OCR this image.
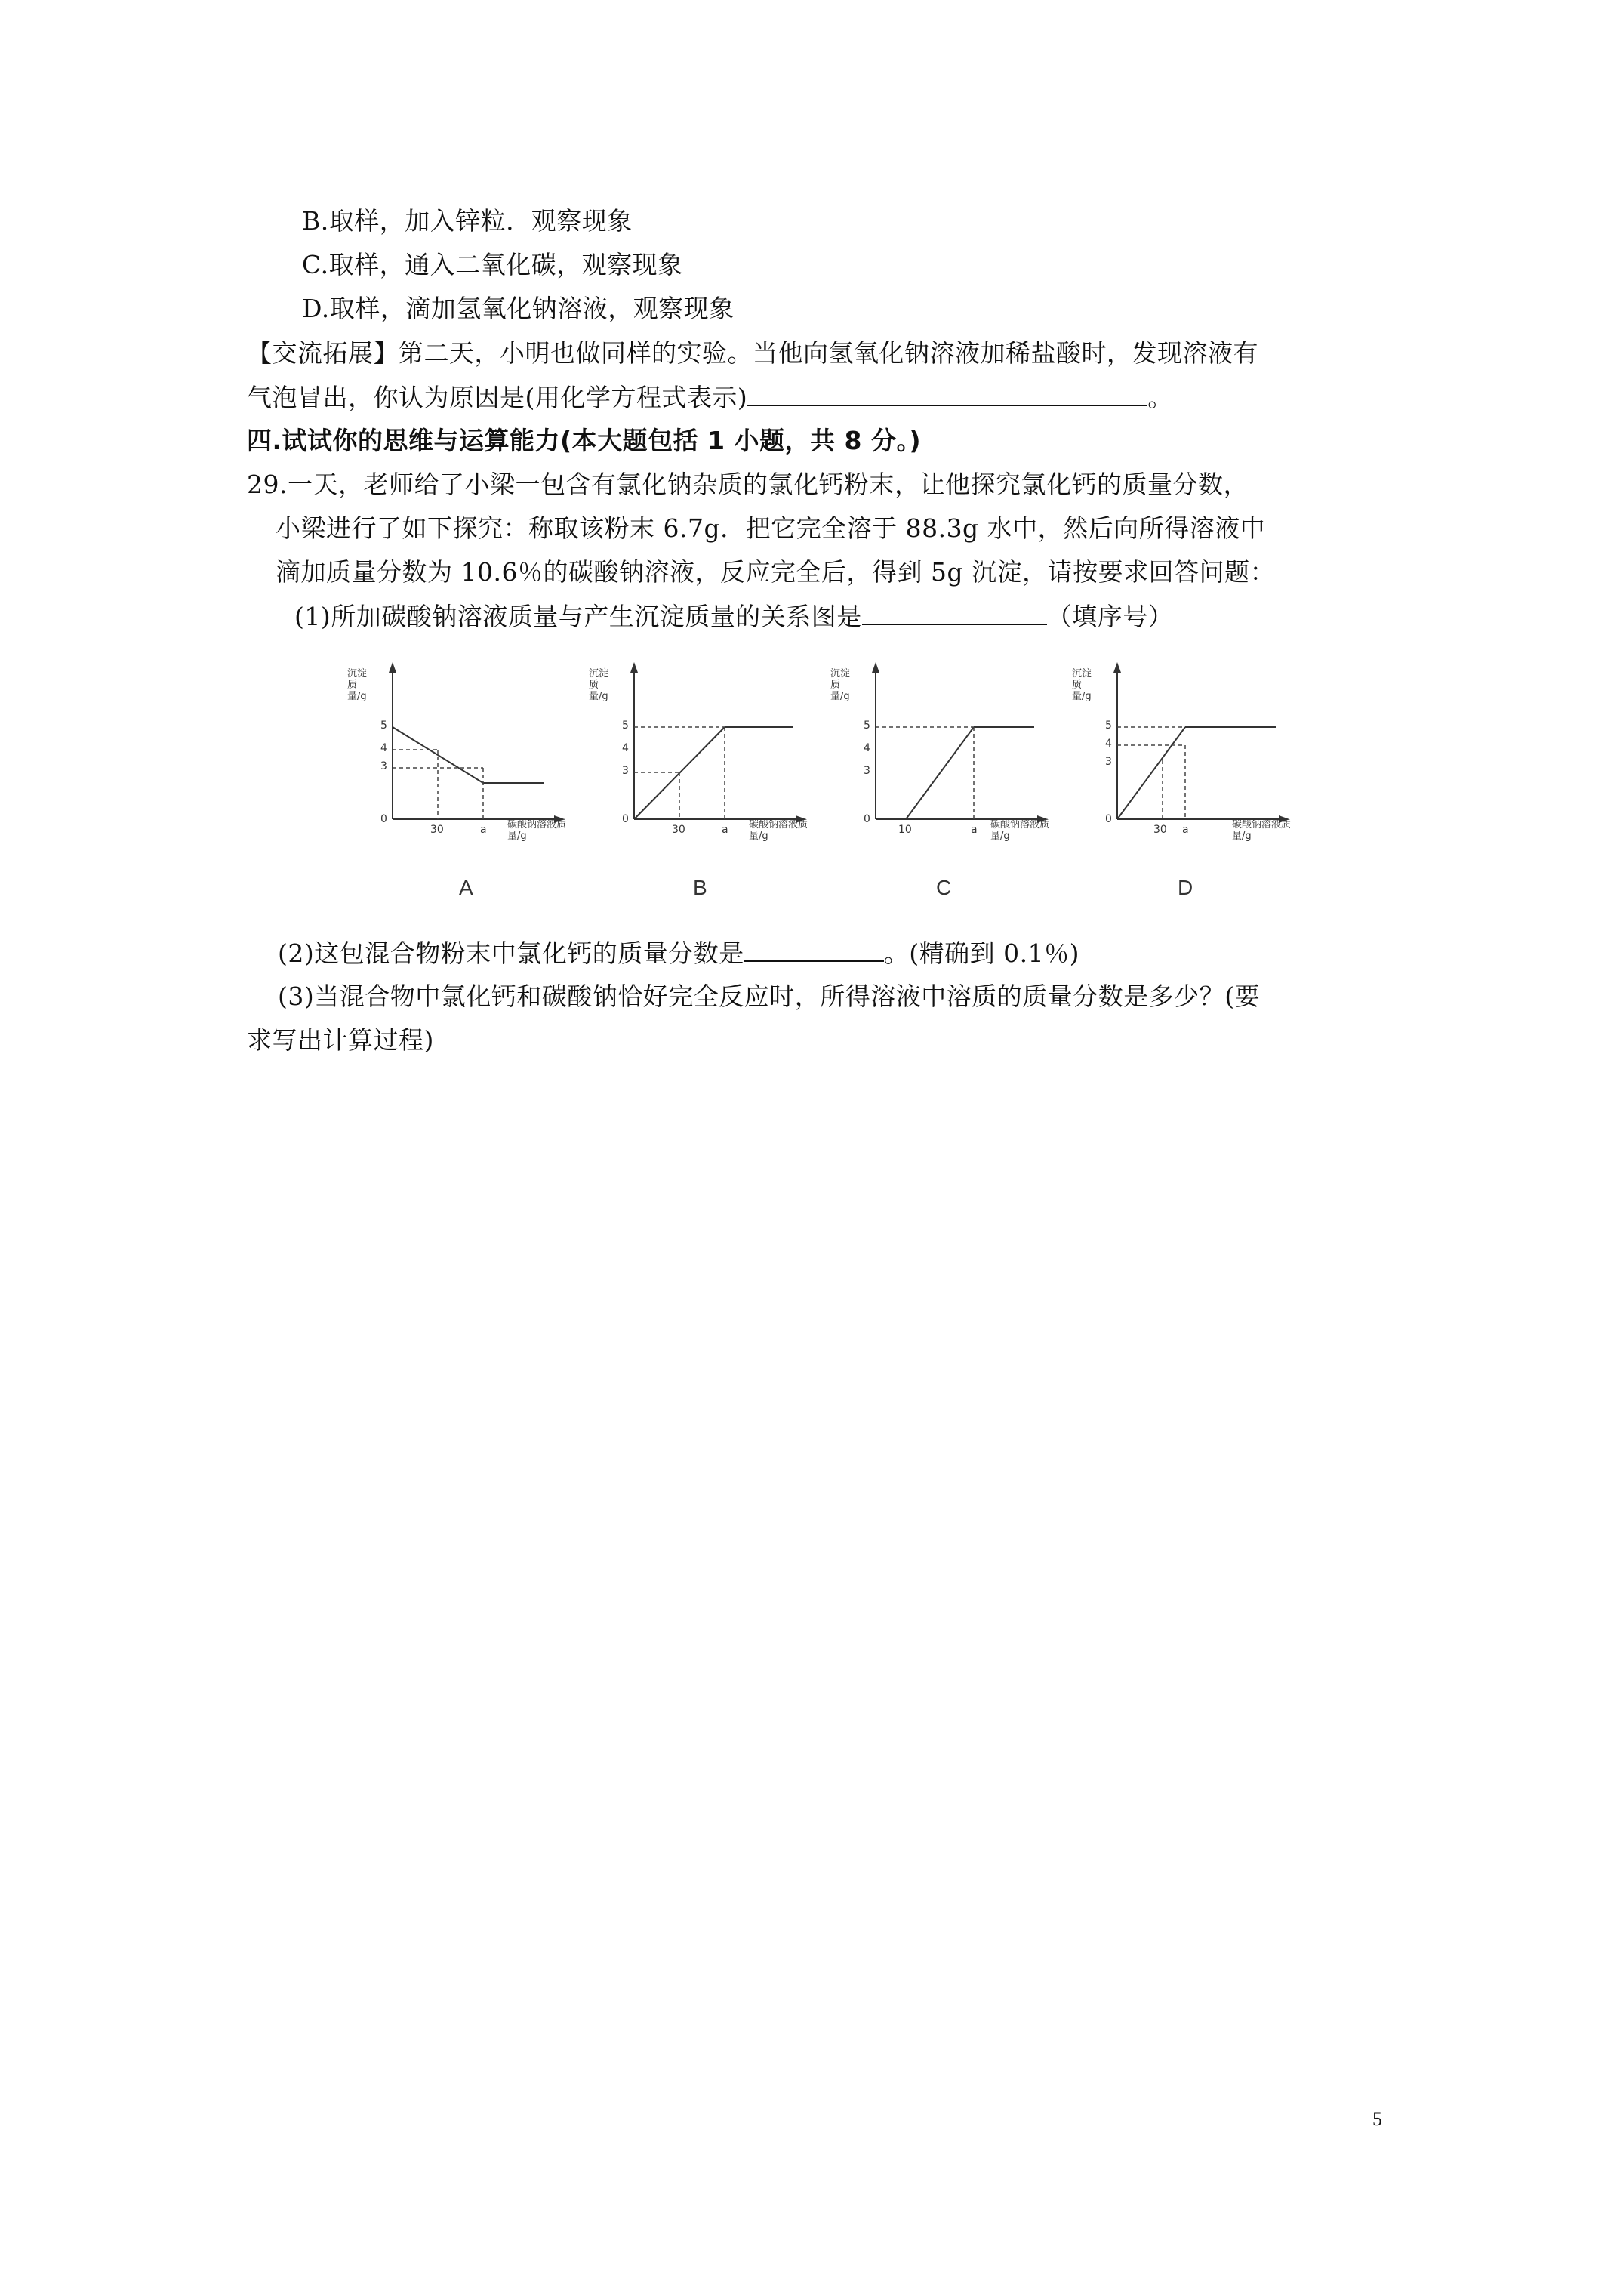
B.取样，加入锌粒．观察现象
C.取样，通入二氧化碳，观察现象
D.取样，滴加氢氧化钠溶液，观察现象
【交流拓展】第二天，小明也做同样的实验。当他向氢氧化钠溶液加稀盐酸时，发现溶液有
气泡冒出，你认为原因是(用化学方程式表示)	。
四.试试你的思维与运算能力(本大题包括 1 小题，共 8 分。)
29.一天，老师给了小梁一包含有氯化钠杂质的氯化钙粉末，让他探究氯化钙的质量分数，
小梁进行了如下探究：称取该粉末 6.7g．把它完全溶于 88.3g 水中，然后向所得溶液中
滴加质量分数为 10.6％的碳酸钠溶液，反应完全后，得到 5g 沉淀，请按要求回答问题：
(1)所加碳酸钠溶液质量与产生沉淀质量的关系图是	（填序号）
沉淀质量/g
5
4
3
0
30	a 碳酸钠溶液质量/g
A
沉淀质量/g
5
4
3
0
30	a 碳酸钠溶液质量/g
B
沉淀质量/g
5
4
3
0
10	a 碳酸钠溶液质量/g
C
沉淀质量/g
5
4
3
0
30 a	碳酸钠溶液质量/g
D
(2)这包混合物粉末中氯化钙的质量分数是	。(精确到 0.1％)
(3)当混合物中氯化钙和碳酸钠恰好完全反应时，所得溶液中溶质的质量分数是多少？(要
求写出计算过程)
5
